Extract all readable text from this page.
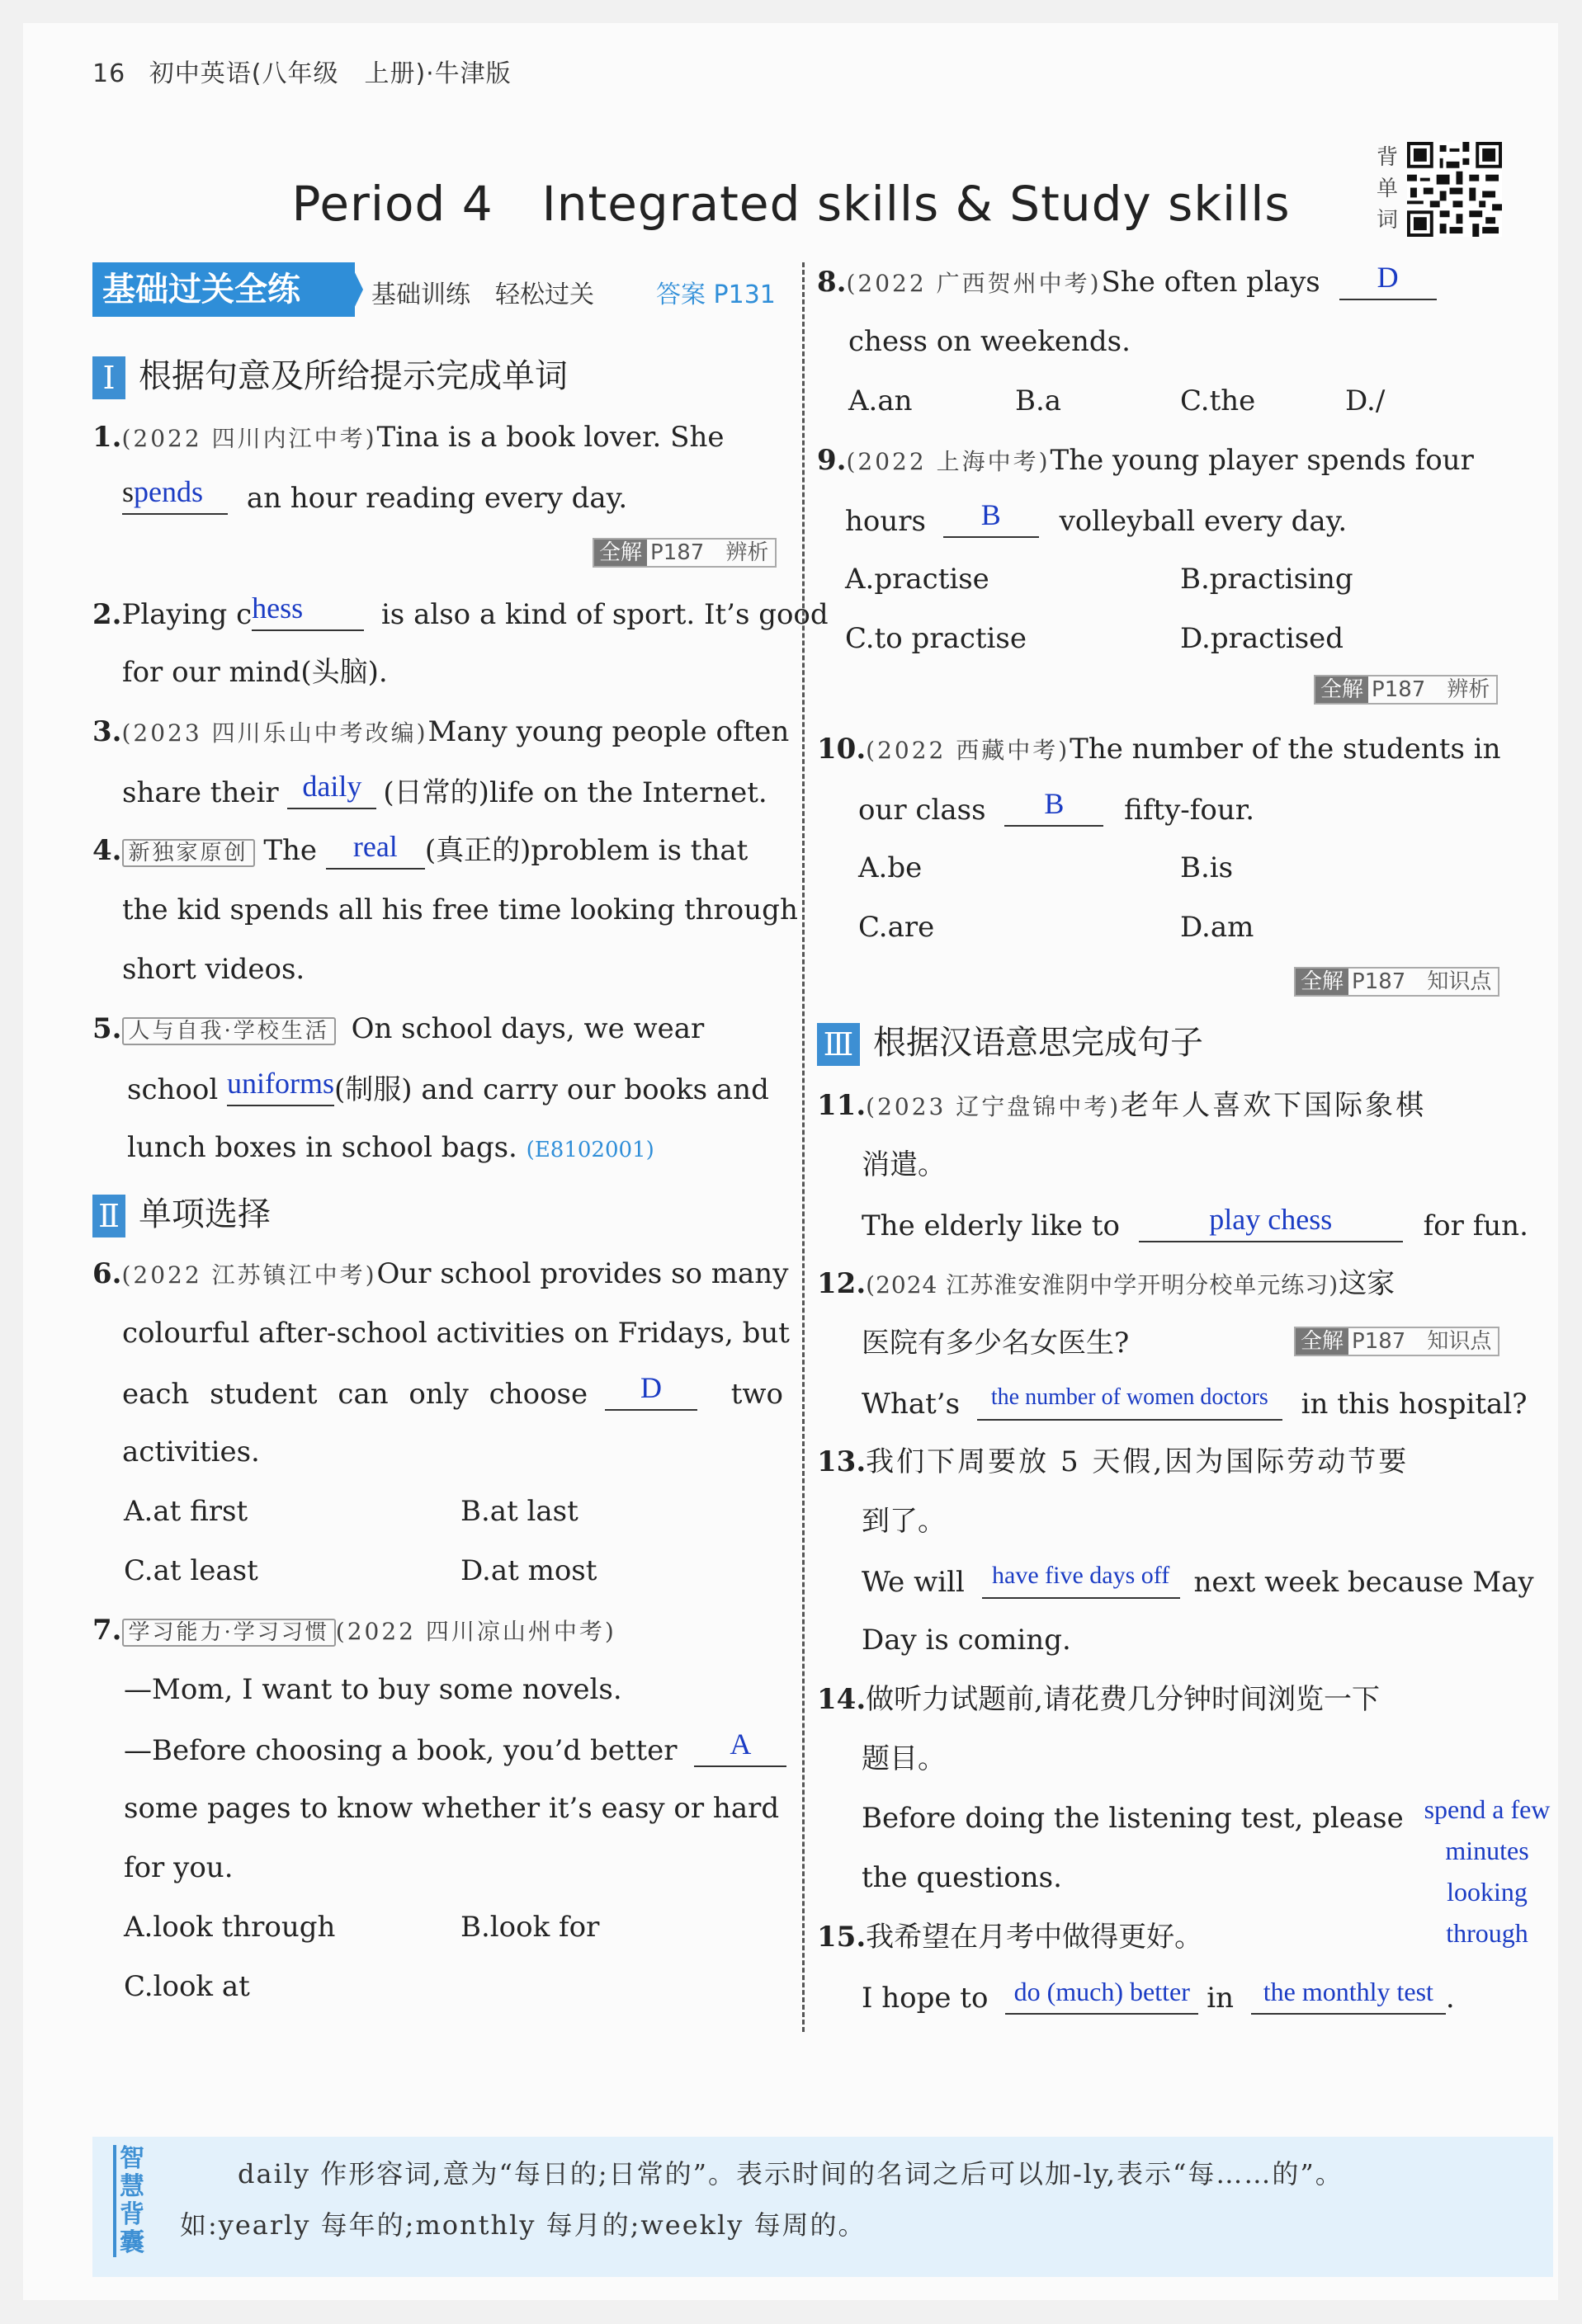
16 初中英语(八年级　上册)·牛津版
Period 4　Integrated skills & Study skills
背
单
词
基础过关全练	基础训练　轻松过关	答案 P131
Ⅰ 根据句意及所给提示完成单词
1.(2022 四川内江中考)Tina is a book lover. She
spends	an hour reading every day.
全解 P187　辨析
2.Playing c hess	is also a kind of sport. It’s good
for our mind(头脑).
3.(2023 四川乐山中考改编)Many young people often
share their daily (日常的)life on the Internet.
4. 新独家原创 The	real (真正的)problem is that
the kid spends all his free time looking through
short videos.
5. 人与自我·学校生活 On school days, we wear
school uniforms (制服) and carry our books and
lunch boxes in school bags. (E8102001)
Ⅱ 单项选择
6.(2022 江苏镇江中考)Our school provides so many
colourful after-school activities on Fridays, but
each student can only choose	D	two
activities.
A.at first	B.at last
C.at least	D.at most
7. 学习能力·学习习惯 (2022 四川凉山州中考)
—Mom, I want to buy some novels.
—Before choosing a book, you’d better	A
some pages to know whether it’s easy or hard
for you.
A.look through	B.look for
C.look at
8.(2022 广西贺州中考)She often plays	D
chess on weekends.
A.an	B.a	C.the	D./
9.(2022 上海中考)The young player spends four
hours	B	volleyball every day.
A.practise	B.practising
C.to practise	D.practised
全解 P187　辨析
10.(2022 西藏中考)The number of the students in
our class	B	fifty-four.
A.be	B.is
C.are	D.am
全解 P187　知识点
Ⅲ 根据汉语意思完成句子
11.(2023 辽宁盘锦中考)老年人喜欢下国际象棋
消遣。
The elderly like to	play chess	for fun.
12.(2024 江苏淮安淮阴中学开明分校单元练习)这家
医院有多少名女医生?	全解 P187　知识点
What’s	the number of women doctors	in this hospital?
13.我们下周要放 5 天假,因为国际劳动节要
到了。
We will	have five days off next week because May
Day is coming.
14.做听力试题前,请花费几分钟时间浏览一下
题目。
Before doing the listening test, please
the questions.
spend a few
minutes
looking
through
15.我希望在月考中做得更好。
I hope to do (much) better in	the monthly test .
智
慧
背
囊
daily 作形容词,意为“每日的;日常的”。表示时间的名词之后可以加-ly,表示“每……的”。
如:yearly 每年的;monthly 每月的;weekly 每周的。
